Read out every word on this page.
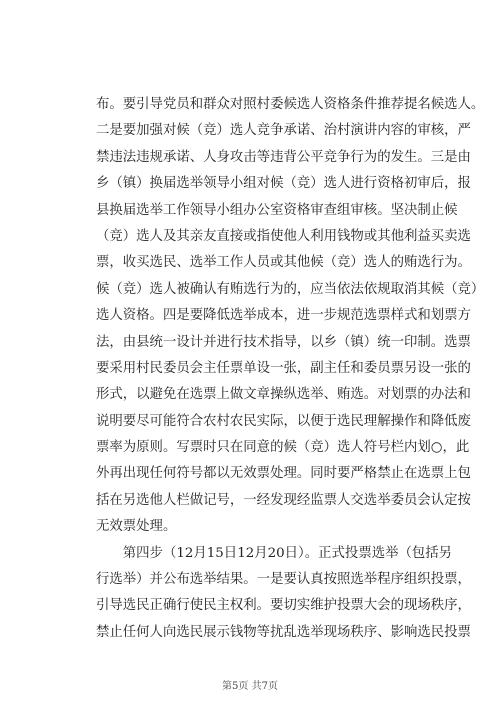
布。要引导党员和群众对照村委候选人资格条件推荐提名候选人。
二是要加强对候（竞）选人竞争承诺、治村演讲内容的审核，严
禁违法违规承诺、人身攻击等违背公平竞争行为的发生。三是由
乡（镇）换届选举领导小组对候（竞）选人进行资格初审后，报
县换届选举工作领导小组办公室资格审查组审核。坚决制止候
（竞）选人及其亲友直接或指使他人利用钱物或其他利益买卖选
票，收买选民、选举工作人员或其他候（竞）选人的贿选行为。
候（竞）选人被确认有贿选行为的，应当依法依规取消其候（竞）
选人资格。四是要降低选举成本，进一步规范选票样式和划票方
法，由县统一设计并进行技术指导，以乡（镇）统一印制。选票
要采用村民委员会主任票单设一张，副主任和委员票另设一张的
形式，以避免在选票上做文章操纵选举、贿选。对划票的办法和
说明要尽可能符合农村农民实际，以便于选民理解操作和降低废
票率为原则。写票时只在同意的候（竞）选人符号栏内划○，此
外再出现任何符号都以无效票处理。同时要严格禁止在选票上包
括在另选他人栏做记号，一经发现经监票人交选举委员会认定按
无效票处理。
　　第四步（12月15日12月20日）。正式投票选举（包括另
行选举）并公布选举结果。一是要认真按照选举程序组织投票，
引导选民正确行使民主权利。要切实维护投票大会的现场秩序，
禁止任何人向选民展示钱物等扰乱选举现场秩序、影响选民投票
第5页 共7页
